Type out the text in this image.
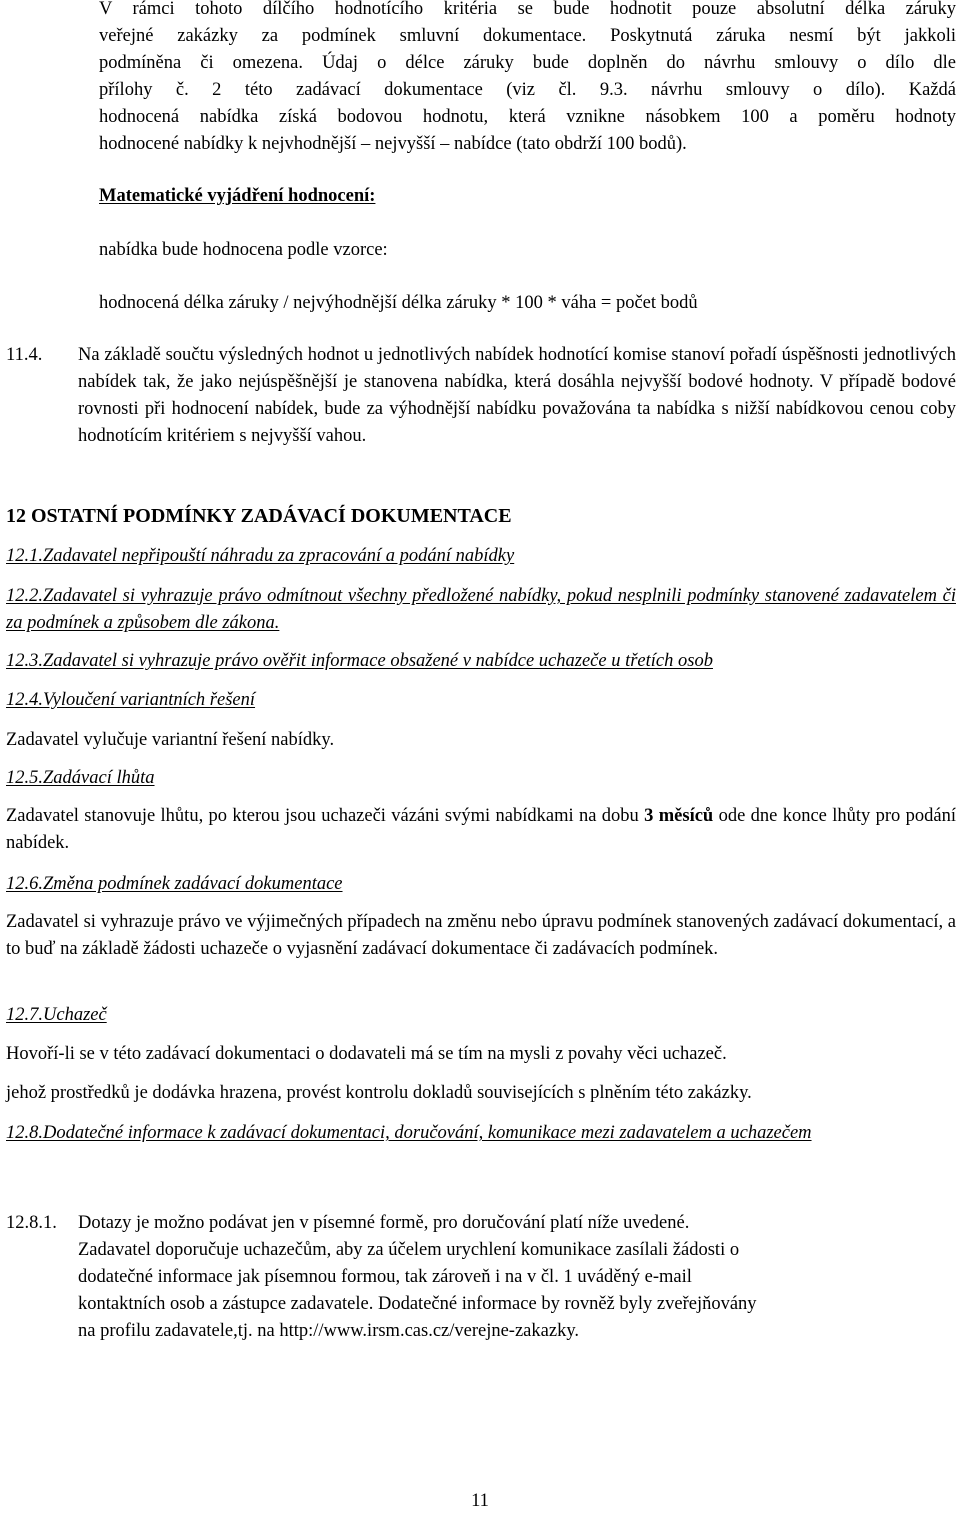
V rámci tohoto dílčího hodnotícího kritéria se bude hodnotit pouze absolutní délka záruky
veřejné zakázky za podmínek smluvní dokumentace. Poskytnutá záruka nesmí být jakkoli
podmíněna či omezena. Údaj o délce záruky bude doplněn do návrhu smlouvy o dílo dle
přílohy č. 2 této zadávací dokumentace (viz čl. 9.3. návrhu smlouvy o dílo). Každá
hodnocená nabídka získá bodovou hodnotu, která vznikne násobkem 100 a poměru hodnoty
hodnocené nabídky k nejvhodnější – nejvyšší – nabídce (tato obdrží 100 bodů).
Matematické vyjádření hodnocení:
nabídka bude hodnocena podle vzorce:
hodnocená délka záruky / nejvýhodnější délka záruky * 100 * váha = počet bodů
11.4. Na základě součtu výsledných hodnot u jednotlivých nabídek hodnotící komise stanoví pořadí úspěšnosti jednotlivých nabídek tak, že jako nejúspěšnější je stanovena nabídka, která dosáhla nejvyšší bodové hodnoty. V případě bodové rovnosti při hodnocení nabídek, bude za výhodnější nabídku považována ta nabídka s nižší nabídkovou cenou coby hodnotícím kritériem s nejvyšší vahou.
12 OSTATNÍ PODMÍNKY ZADÁVACÍ DOKUMENTACE
12.1.Zadavatel nepřipouští náhradu za zpracování a podání nabídky
12.2.Zadavatel si vyhrazuje právo odmítnout všechny předložené nabídky, pokud nesplnili podmínky stanovené zadavatelem či za podmínek a způsobem dle zákona.
12.3.Zadavatel si vyhrazuje právo ověřit informace obsažené v nabídce uchazeče u třetích osob
12.4.Vyloučení variantních řešení
Zadavatel vylučuje variantní řešení nabídky.
12.5.Zadávací lhůta

Zadavatel stanovuje lhůtu, po kterou jsou uchazeči vázáni svými nabídkami na dobu 3 měsíců ode dne konce lhůty pro podání nabídek.

12.6.Změna podmínek zadávací dokumentace
Zadavatel si vyhrazuje právo ve výjimečných případech na změnu nebo úpravu podmínek stanovených zadávací dokumentací, a to buď na základě žádosti uchazeče o vyjasnění zadávací dokumentace či zadávacích podmínek.
12.7.Uchazeč
Hovoří-li se v této zadávací dokumentaci o dodavateli má se tím na mysli z povahy věci uchazeč.
jehož prostředků je dodávka hrazena, provést kontrolu dokladů souvisejících s plněním této zakázky.
12.8.Dodatečné informace k zadávací dokumentaci, doručování, komunikace mezi zadavatelem a uchazečem
12.8.1. Dotazy je možno podávat jen v písemné formě, pro doručování platí níže uvedené.
Zadavatel doporučuje uchazečům, aby za účelem urychlení komunikace zasílali žádosti o
dodatečné informace jak písemnou formou, tak zároveň i na v čl. 1 uváděný e-mail
kontaktních osob a zástupce zadavatele. Dodatečné informace by rovněž byly zveřejňovány
na profilu zadavatele,tj. na http://www.irsm.cas.cz/verejne-zakazky.
11
